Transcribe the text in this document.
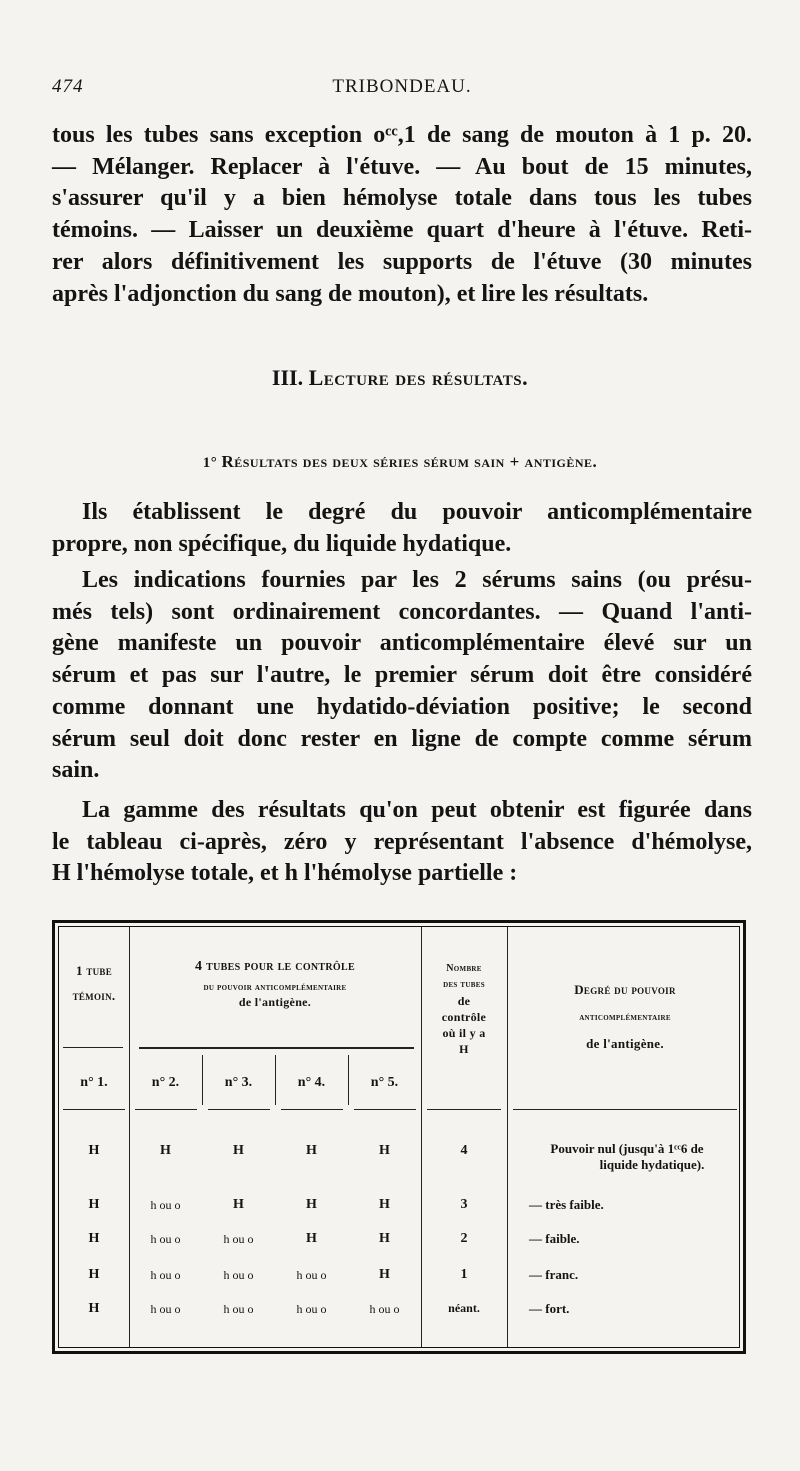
474	TRIBONDEAU.
tous les tubes sans exception oᶜᶜ,1 de sang de mouton à 1 p. 20.
— Mélanger. Replacer à l'étuve. — Au bout de 15 minutes,
s'assurer qu'il y a bien hémolyse totale dans tous les tubes
témoins. — Laisser un deuxième quart d'heure à l'étuve. Reti-
rer alors définitivement les supports de l'étuve (30 minutes
après l'adjonction du sang de mouton), et lire les résultats.
III. Lecture des résultats.
1° Résultats des deux séries sérum sain + antigène.
Ils établissent le degré du pouvoir anticomplémentaire
propre, non spécifique, du liquide hydatique.
Les indications fournies par les 2 sérums sains (ou présu-
més tels) sont ordinairement concordantes. — Quand l'anti-
gène manifeste un pouvoir anticomplémentaire élevé sur un
sérum et pas sur l'autre, le premier sérum doit être considéré
comme donnant une hydatido-déviation positive; le second
sérum seul doit donc rester en ligne de compte comme sérum
sain.
La gamme des résultats qu'on peut obtenir est figurée dans
le tableau ci-après, zéro y représentant l'absence d'hémolyse,
H l'hémolyse totale, et h l'hémolyse partielle :
1 tube
témoin.
4 tubes pour le contrôle
du pouvoir anticomplémentaire
de l'antigène.
Nombre
des tubes
de
contrôle
où il y a
H
Degré du pouvoir
anticomplémentaire
de l'antigène.
n° 1.	n° 2.	n° 3.	n° 4.	n° 5.
H	H	H	H	H	4	Pouvoir nul (jusqu'à 1ᶜᶜ6 de
liquide hydatique).
H	h ou o	H	H	H	3	— très faible.
H	h ou o	h ou o	H	H	2	— faible.
H	h ou o	h ou o	h ou o	H	1	— franc.
H	h ou o	h ou o	h ou o	h ou o	néant.	— fort.
